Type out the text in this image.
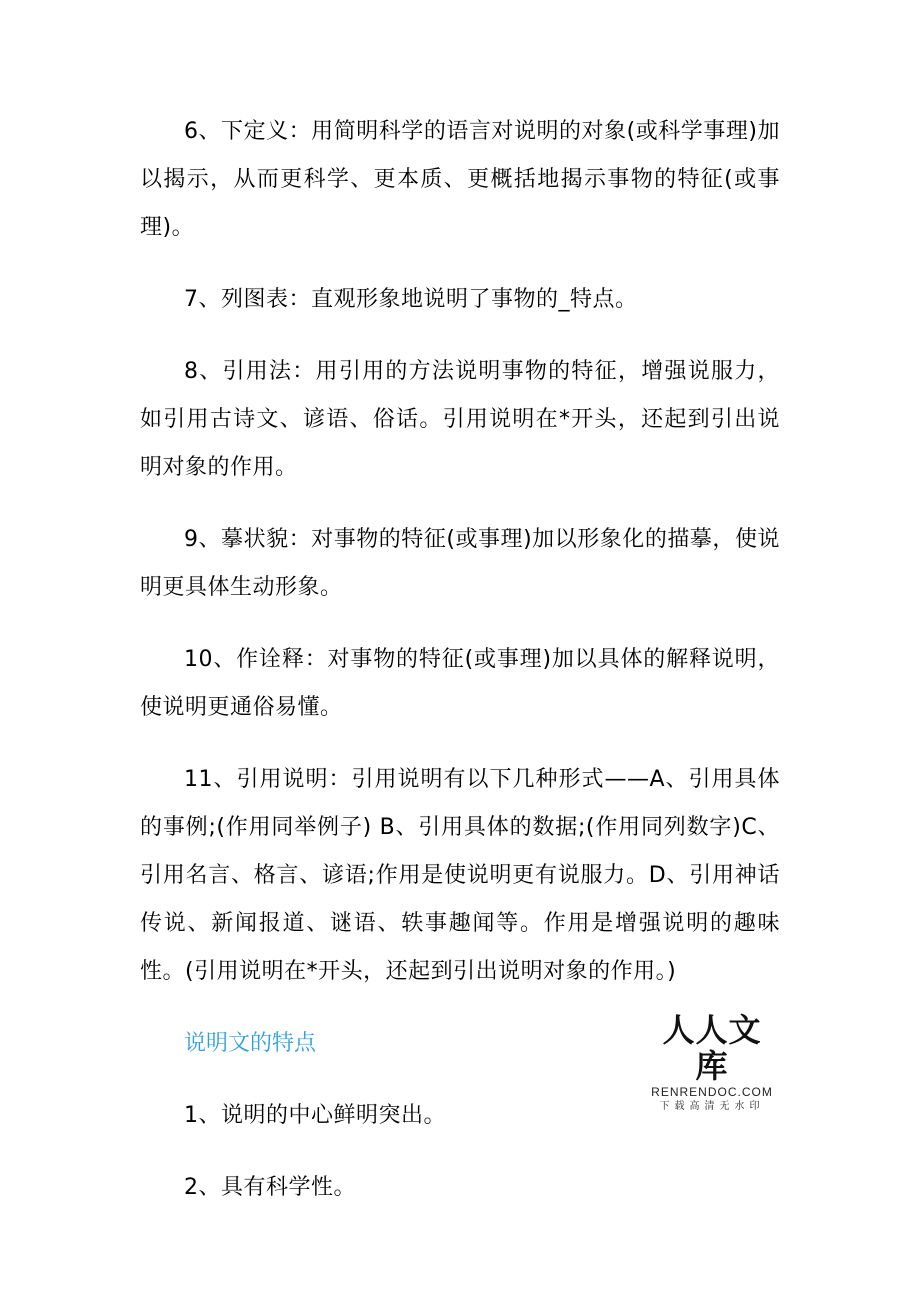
6、下定义：用简明科学的语言对说明的对象(或科学事理)加以揭示，从而更科学、更本质、更概括地揭示事物的特征(或事理)。

7、列图表：直观形象地说明了事物的_特点。

8、引用法：用引用的方法说明事物的特征，增强说服力，如引用古诗文、谚语、俗话。引用说明在*开头，还起到引出说明对象的作用。

9、摹状貌：对事物的特征(或事理)加以形象化的描摹，使说明更具体生动形象。

10、作诠释：对事物的特征(或事理)加以具体的解释说明，使说明更通俗易懂。

11、引用说明：引用说明有以下几种形式——A、引用具体的事例;(作用同举例子) B、引用具体的数据;(作用同列数字)C、引用名言、格言、谚语;作用是使说明更有说服力。D、引用神话传说、新闻报道、谜语、轶事趣闻等。作用是增强说明的趣味性。(引用说明在*开头，还起到引出说明对象的作用。)

说明文的特点

1、说明的中心鲜明突出。

2、具有科学性。

人人文库
RENRENDOC.COM
下载高清无水印
